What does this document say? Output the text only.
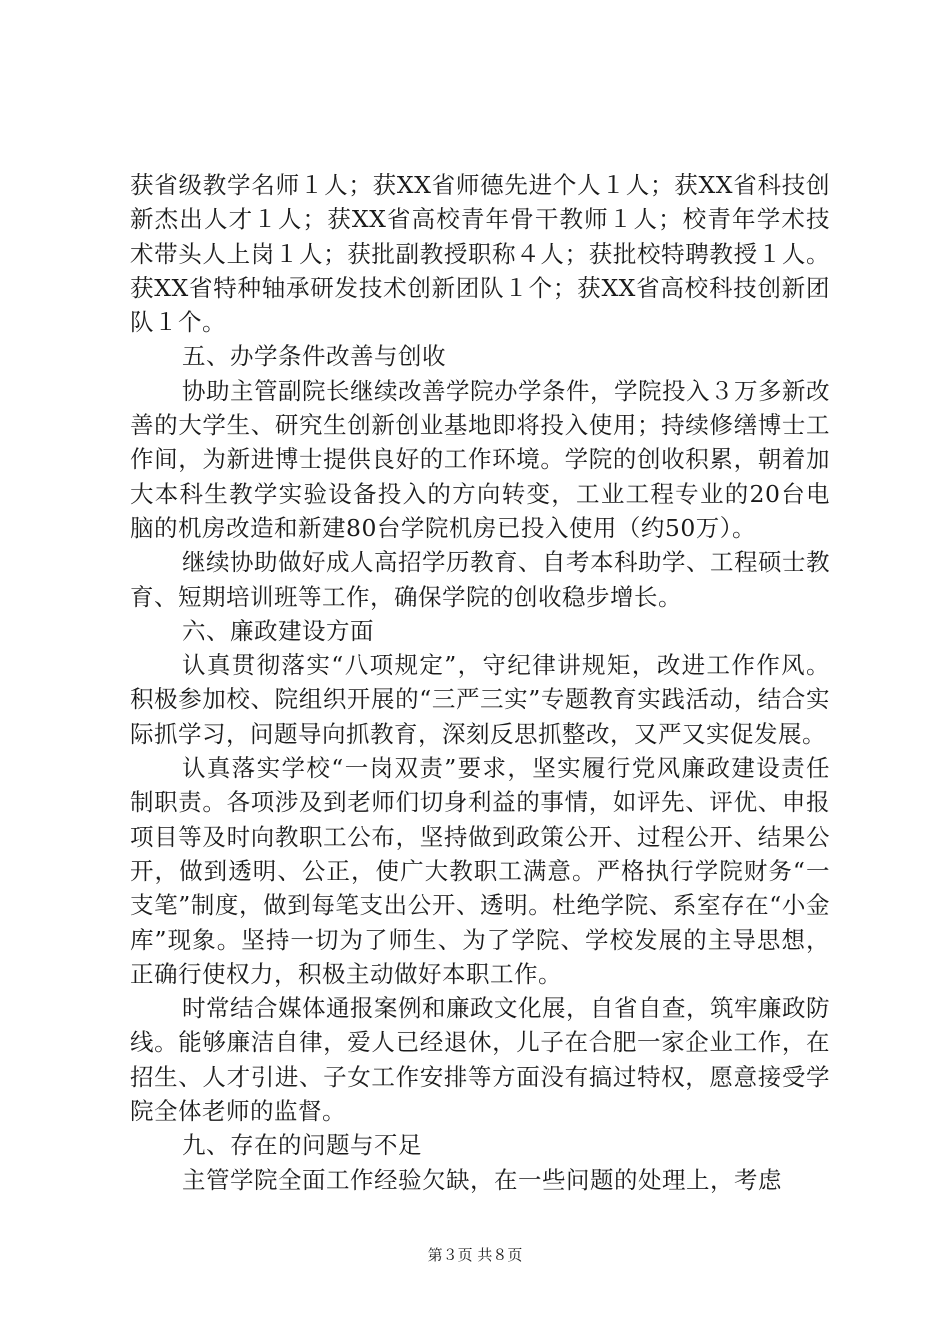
获省级教学名师１人；获XX省师德先进个人１人；获XX省科技创新杰出人才１人；获XX省高校青年骨干教师１人；校青年学术技术带头人上岗１人；获批副教授职称４人；获批校特聘教授１人。获XX省特种轴承研发技术创新团队１个；获XX省高校科技创新团队１个。

五、办学条件改善与创收

协助主管副院长继续改善学院办学条件，学院投入３万多新改善的大学生、研究生创新创业基地即将投入使用；持续修缮博士工作间，为新进博士提供良好的工作环境。学院的创收积累，朝着加大本科生教学实验设备投入的方向转变，工业工程专业的20台电脑的机房改造和新建80台学院机房已投入使用（约50万）。

继续协助做好成人高招学历教育、自考本科助学、工程硕士教育、短期培训班等工作，确保学院的创收稳步增长。

六、廉政建设方面

认真贯彻落实“八项规定”，守纪律讲规矩，改进工作作风。积极参加校、院组织开展的“三严三实”专题教育实践活动，结合实际抓学习，问题导向抓教育，深刻反思抓整改，又严又实促发展。

认真落实学校“一岗双责”要求，坚实履行党风廉政建设责任制职责。各项涉及到老师们切身利益的事情，如评先、评优、申报项目等及时向教职工公布，坚持做到政策公开、过程公开、结果公开，做到透明、公正，使广大教职工满意。严格执行学院财务“一支笔”制度，做到每笔支出公开、透明。杜绝学院、系室存在“小金库”现象。坚持一切为了师生、为了学院、学校发展的主导思想，正确行使权力，积极主动做好本职工作。

时常结合媒体通报案例和廉政文化展，自省自查，筑牢廉政防线。能够廉洁自律，爱人已经退休，儿子在合肥一家企业工作，在招生、人才引进、子女工作安排等方面没有搞过特权，愿意接受学院全体老师的监督。

九、存在的问题与不足

主管学院全面工作经验欠缺，在一些问题的处理上，考虑

第３页 共８页
